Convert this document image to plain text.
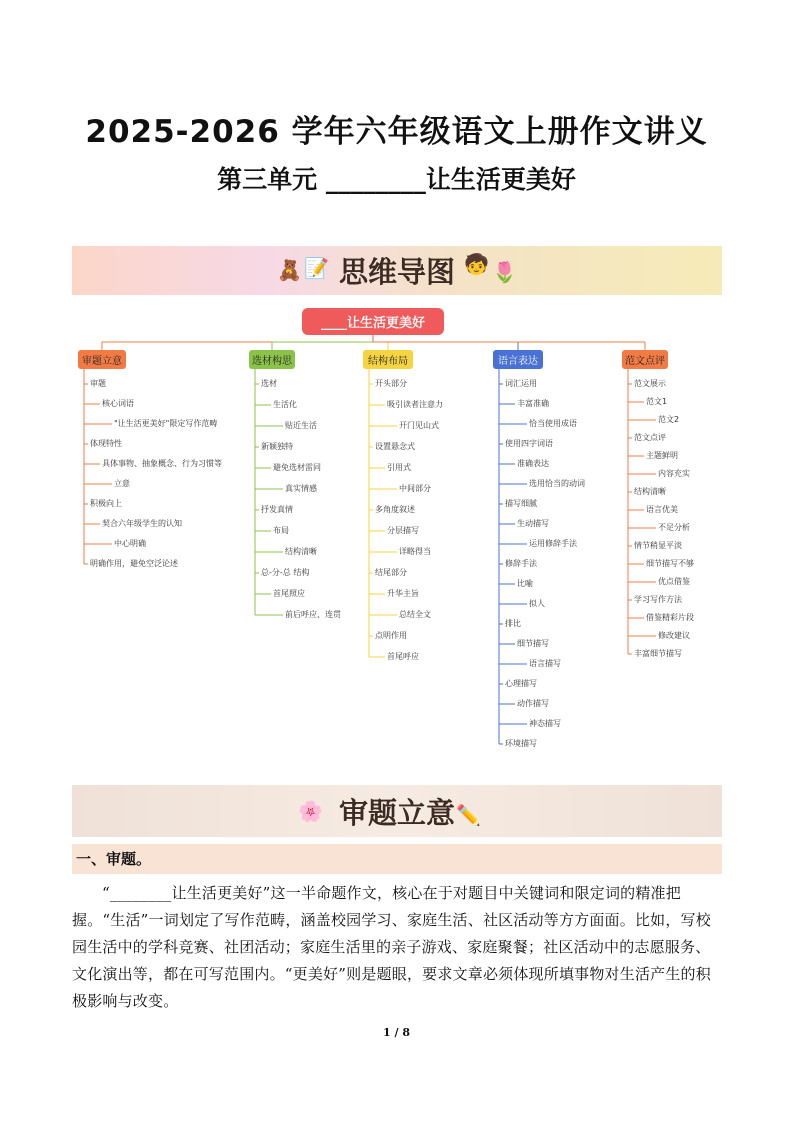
2025-2026 学年六年级语文上册作文讲义
第三单元 ________让生活更美好
🧸 📝 思维导图 🧒 🌷
____让生活更美好
审题立意
审题
核心词语
"让生活更美好"限定写作范畴
体现特性
具体事物、抽象概念、行为习惯等
立意
积极向上
契合六年级学生的认知
中心明确
明确作用，避免空泛论述
选材构思
选材
生活化
贴近生活
新颖独特
避免选材雷同
真实情感
抒发真情
布局
结构清晰
总-分-总 结构
首尾照应
前后呼应、连贯
结构布局
开头部分
吸引读者注意力
开门见山式
设置悬念式
引用式
中间部分
多角度叙述
分层描写
详略得当
结尾部分
升华主旨
总结全文
点明作用
首尾呼应
语言表达
词汇运用
丰富准确
恰当使用成语
使用四字词语
准确表达
选用恰当的动词
描写细腻
生动描写
运用修辞手法
修辞手法
比喻
拟人
排比
细节描写
语言描写
心理描写
动作描写
神态描写
环境描写
范文点评
范文展示
范文1
范文2
范文点评
主题鲜明
内容充实
结构清晰
语言优美
不足分析
情节稍显平淡
细节描写不够
优点借鉴
学习写作方法
借鉴精彩片段
修改建议
丰富细节描写
🌸 审题立意 ✏️
一、审题。
“________让生活更美好”这一半命题作文，核心在于对题目中关键词和限定词的精准把握。“生活”一词划定了写作范畴，涵盖校园学习、家庭生活、社区活动等方方面面。比如，写校园生活中的学科竞赛、社团活动；家庭生活里的亲子游戏、家庭聚餐；社区活动中的志愿服务、文化演出等，都在可写范围内。“更美好”则是题眼，要求文章必须体现所填事物对生活产生的积极影响与改变。
1 / 8
